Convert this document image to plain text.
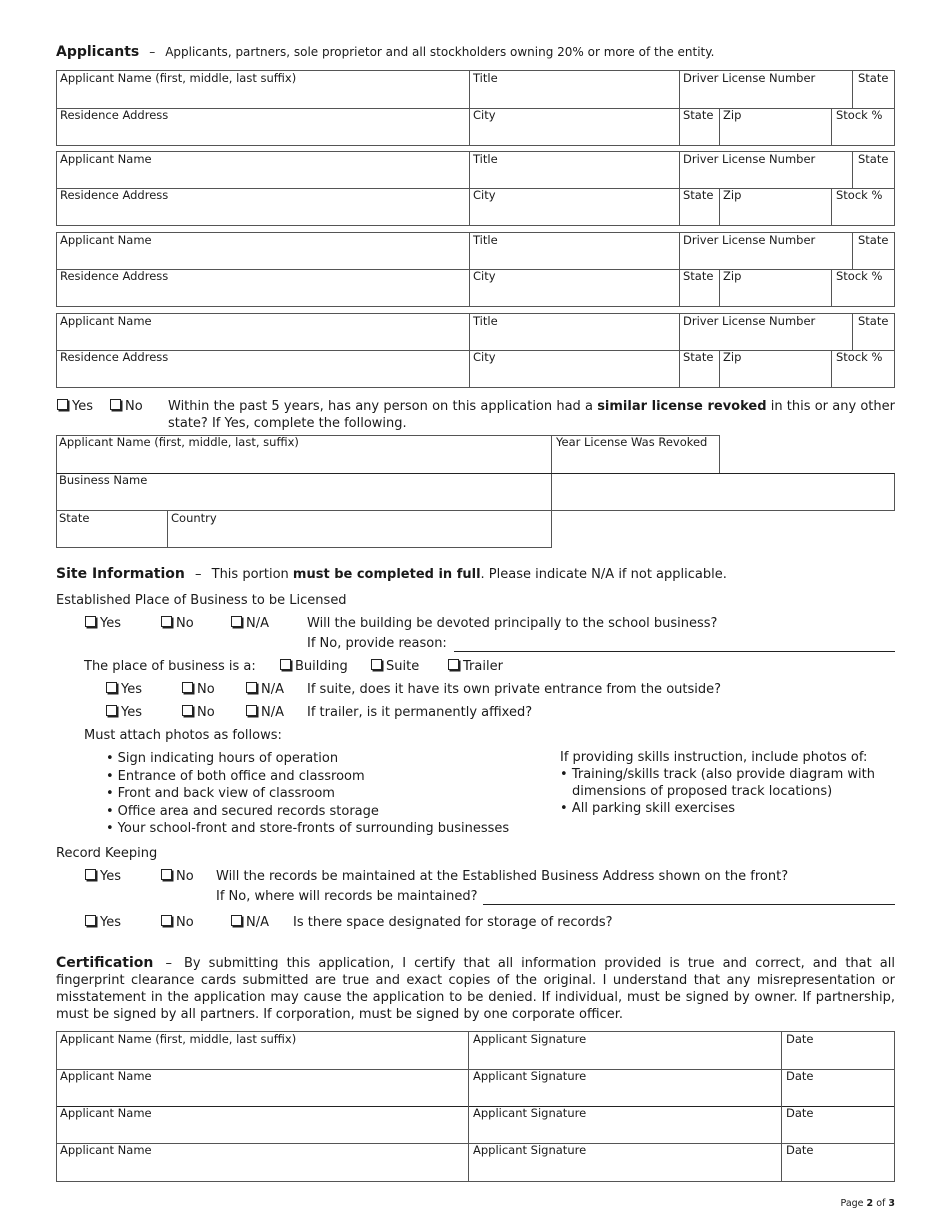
Applicants – Applicants, partners, sole proprietor and all stockholders owning 20% or more of the entity.
Applicant Name (first, middle, last suffix)	Title	Driver License Number	State
Residence Address	City	State Zip	Stock %
Applicant Name	Title	Driver License Number	State
Residence Address	City	State Zip	Stock %
Applicant Name	Title	Driver License Number	State
Residence Address	City	State Zip	Stock %
Applicant Name	Title	Driver License Number	State
Residence Address	City	State Zip	Stock %
Yes	No Within the past 5 years, has any person on this application had a similar license revoked in this or any other state? If Yes, complete the following.
Applicant Name (first, middle, last, suffix)	Year License Was Revoked
Business Name
State	Country
Site Information – This portion must be completed in full. Please indicate N/A if not applicable.
Established Place of Business to be Licensed
Yes	No	N/A	Will the building be devoted principally to the school business?
If No, provide reason:
The place of business is a:	Building	Suite	Trailer
Yes	No	N/A If suite, does it have its own private entrance from the outside?
Yes	No	N/A If trailer, is it permanently affixed?
Must attach photos as follows:
• Sign indicating hours of operation
• Entrance of both office and classroom
• Front and back view of classroom
• Office area and secured records storage
• Your school-front and store-fronts of surrounding businesses
If providing skills instruction, include photos of:
• Training/skills track (also provide diagram with
dimensions of proposed track locations)
• All parking skill exercises
Record Keeping
Yes	No Will the records be maintained at the Established Business Address shown on the front?
If No, where will records be maintained?
Yes	No	N/A Is there space designated for storage of records?
Certification – By submitting this application, I certify that all information provided is true and correct, and that all fingerprint clearance cards submitted are true and exact copies of the original. I understand that any misrepresentation or misstatement in the application may cause the application to be denied. If individual, must be signed by owner. If partnership, must be signed by all partners. If corporation, must be signed by one corporate officer.
Applicant Name (first, middle, last suffix)	Applicant Signature	Date
Applicant Name	Applicant Signature	Date
Applicant Name	Applicant Signature	Date
Applicant Name	Applicant Signature	Date
Page 2 of 3
